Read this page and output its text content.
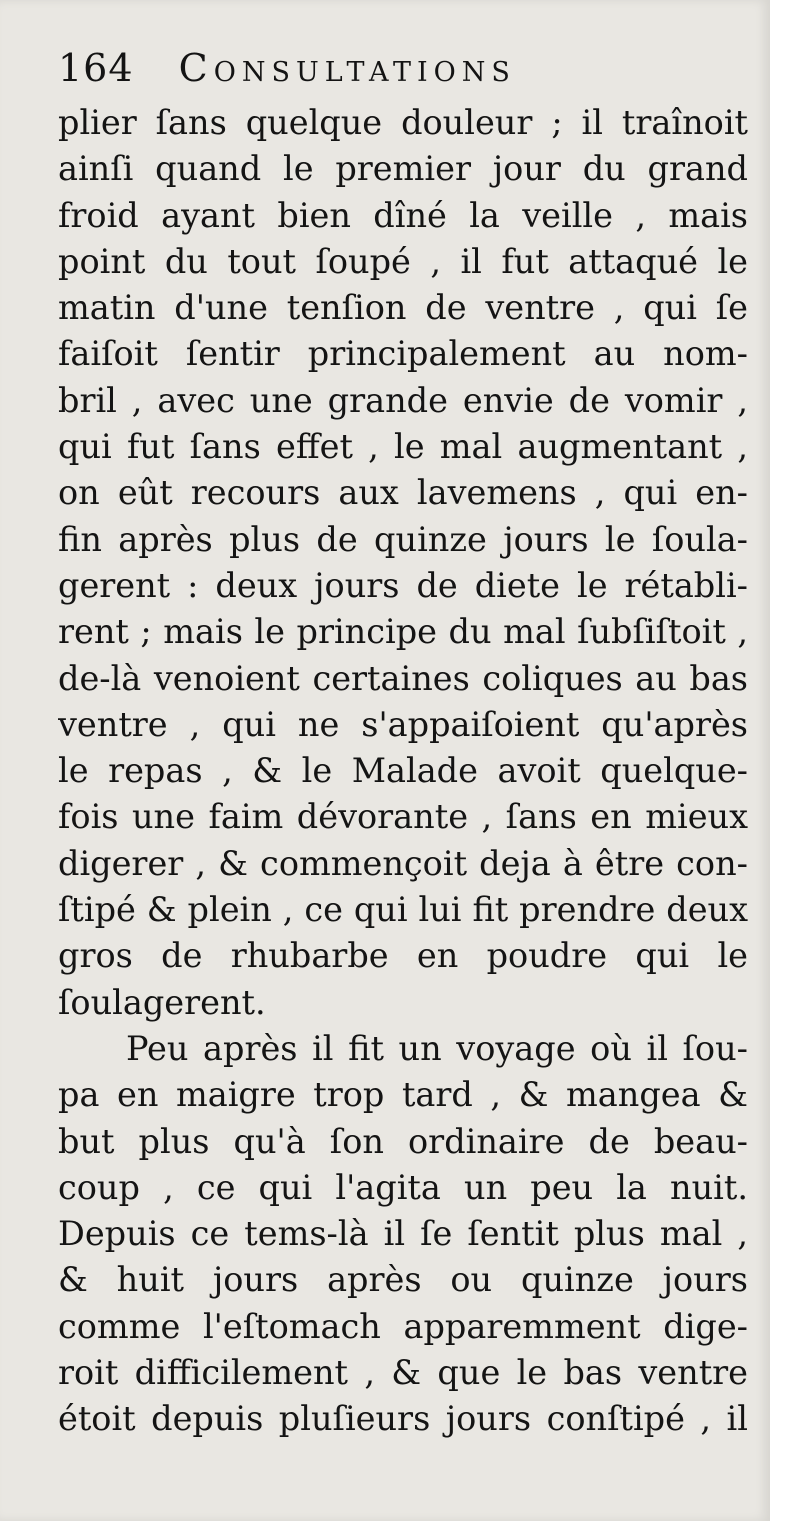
164 Consultations
plier ſans quelque douleur ; il traînoit
ainſi quand le premier jour du grand
froid ayant bien dîné la veille , mais
point du tout ſoupé , il fut attaqué le
matin d'une tenſion de ventre , qui ſe
faiſoit ſentir principalement au nom-
bril , avec une grande envie de vomir ,
qui fut ſans effet , le mal augmentant ,
on eût recours aux lavemens , qui en-
fin après plus de quinze jours le ſoula-
gerent : deux jours de diete le rétabli-
rent ; mais le principe du mal ſubſiſtoit ,
de-là venoient certaines coliques au bas
ventre , qui ne s'appaiſoient qu'après
le repas , & le Malade avoit quelque-
fois une faim dévorante , ſans en mieux
digerer , & commençoit deja à être con-
ſtipé & plein , ce qui lui fit prendre deux
gros de rhubarbe en poudre qui le
ſoulagerent.
Peu après il fit un voyage où il ſou-
pa en maigre trop tard , & mangea &
but plus qu'à ſon ordinaire de beau-
coup , ce qui l'agita un peu la nuit.
Depuis ce tems-là il ſe ſentit plus mal ,
& huit jours après ou quinze jours
comme l'eſtomach apparemment dige-
roit difficilement , & que le bas ventre
étoit depuis pluſieurs jours conſtipé , il
